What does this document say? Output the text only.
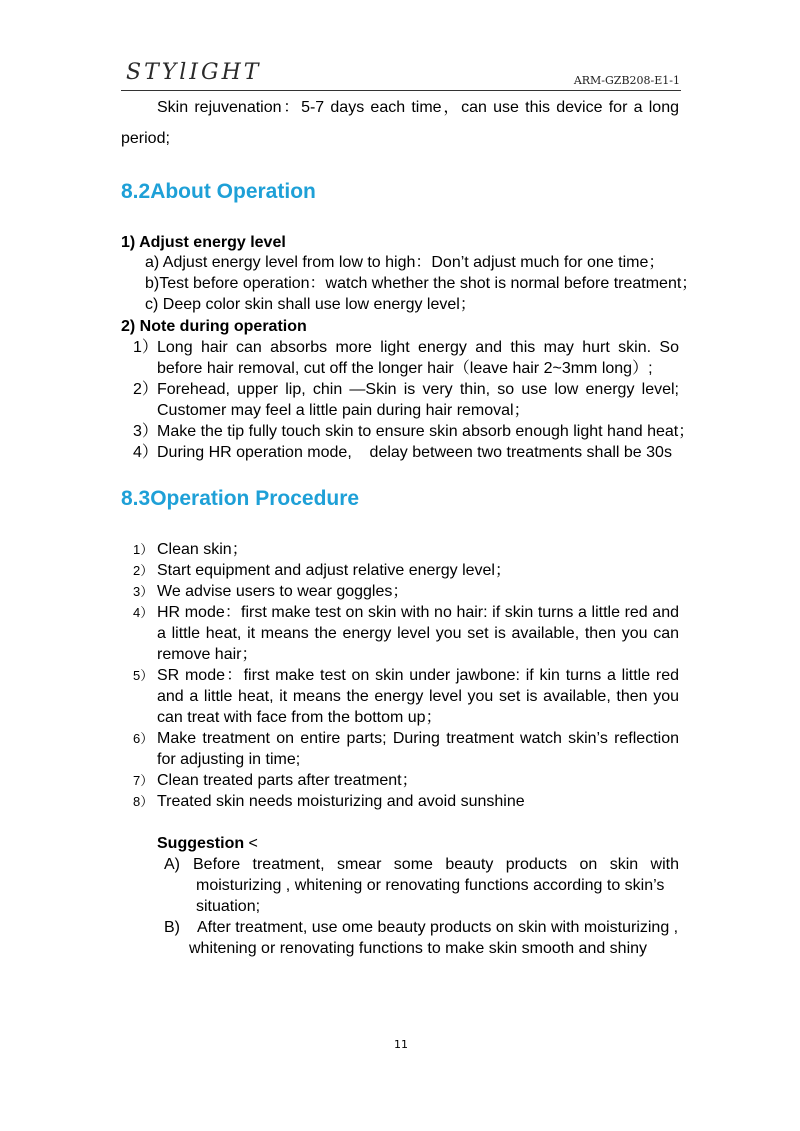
STYlIGHT	ARM-GZB208-E1-1
Skin rejuvenation：5-7 days each time，can use this device for a long
period;
8.2About Operation
1) Adjust energy level
a) Adjust energy level from low to high：Don’t adjust much for one time；
b)Test before operation：watch whether the shot is normal before treatment；
c) Deep color skin shall use low energy level；
2) Note during operation
1） Long hair can absorbs more light energy and this may hurt skin. So
before hair removal, cut off the longer hair（leave hair 2~3mm long）;
2） Forehead, upper lip, chin —Skin is very thin, so use low energy level;
Customer may feel a little pain during hair removal；
3） Make the tip fully touch skin to ensure skin absorb enough light hand heat；
4） During HR operation mode,    delay between two treatments shall be 30s
8.3Operation Procedure
1） Clean skin；
2） Start equipment and adjust relative energy level；
3） We advise users to wear goggles；
4） HR mode：first make test on skin with no hair: if skin turns a little red and
a little heat, it means the energy level you set is available, then you can
remove hair；
5） SR mode：first make test on skin under jawbone: if kin turns a little red
and a little heat, it means the energy level you set is available, then you
can treat with face from the bottom up；
6） Make treatment on entire parts; During treatment watch skin’s reflection
for adjusting in time;
7） Clean treated parts after treatment；
8） Treated skin needs moisturizing and avoid sunshine
Suggestion <
A) Before treatment, smear some beauty products on skin with
moisturizing , whitening or renovating functions according to skin’s
situation;
B) After treatment, use ome beauty products on skin with moisturizing ,
whitening or renovating functions to make skin smooth and shiny
11
